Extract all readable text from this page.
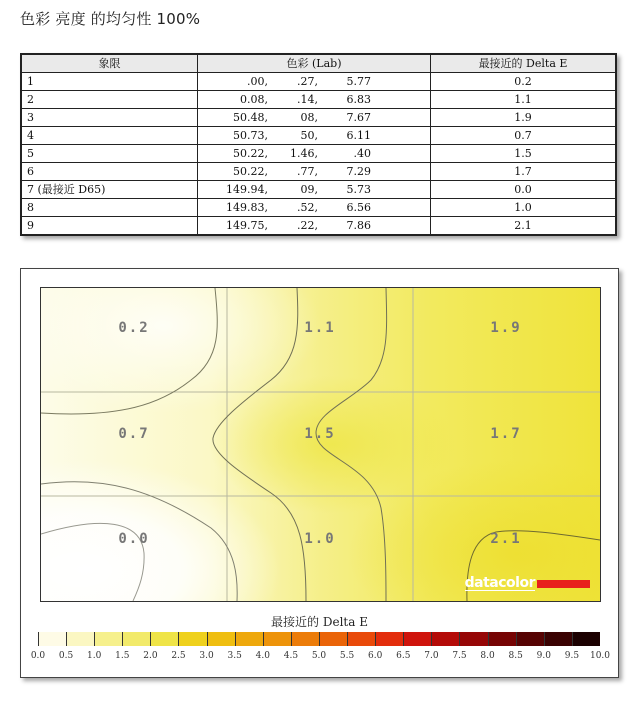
色彩 亮度 的均匀性 100%
象限	色彩 (Lab)	最接近的 Delta E
1	.00, .27, 5.77	0.2
2	0.08, .14, 6.83	1.1
3	50.48, 08, 7.67	1.9
4	50.73, 50, 6.11	0.7
5	50.22, 1.46, .40	1.5
6	50.22, .77, 7.29	1.7
7 (最接近 D65)	149.94, 09, 5.73	0.0
8	149.83, .52, 6.56	1.0
9	149.75, .22, 7.86	2.1
0.2	1.1	1.9
0.7	1.5	1.7
0.0	1.0	2.1
datacolor
最接近的 Delta E
0.0 0.5 1.0 1.5 2.0 2.5 3.0 3.5 4.0 4.5 5.0 5.5 6.0 6.5 7.0 7.5 8.0 8.5 9.0 9.5 10.0
